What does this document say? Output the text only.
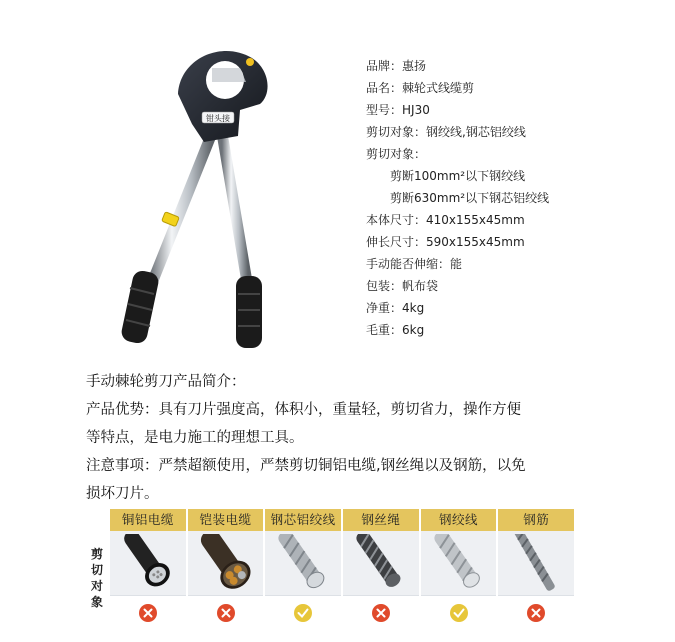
钳头接
品牌：惠扬
品名：棘轮式线缆剪
型号：HJ30
剪切对象：钢绞线,钢芯铝绞线
剪切对象：
剪断100mm²以下钢绞线
剪断630mm²以下钢芯铝绞线
本体尺寸：410x155x45mm
伸长尺寸：590x155x45mm
手动能否伸缩：能
包装：帆布袋
净重：4kg
毛重：6kg

手动棘轮剪刀产品简介：

产品优势：具有刀片强度高，体积小，重量轻，剪切省力，操作方便

等特点，是电力施工的理想工具。

注意事项：严禁超额使用，严禁剪切铜铝电缆,钢丝绳以及钢筋，以免

损坏刀片。

剪
切
对
象
铜铝电缆	铠装电缆	钢芯铝绞线	钢丝绳	钢绞线	钢筋
